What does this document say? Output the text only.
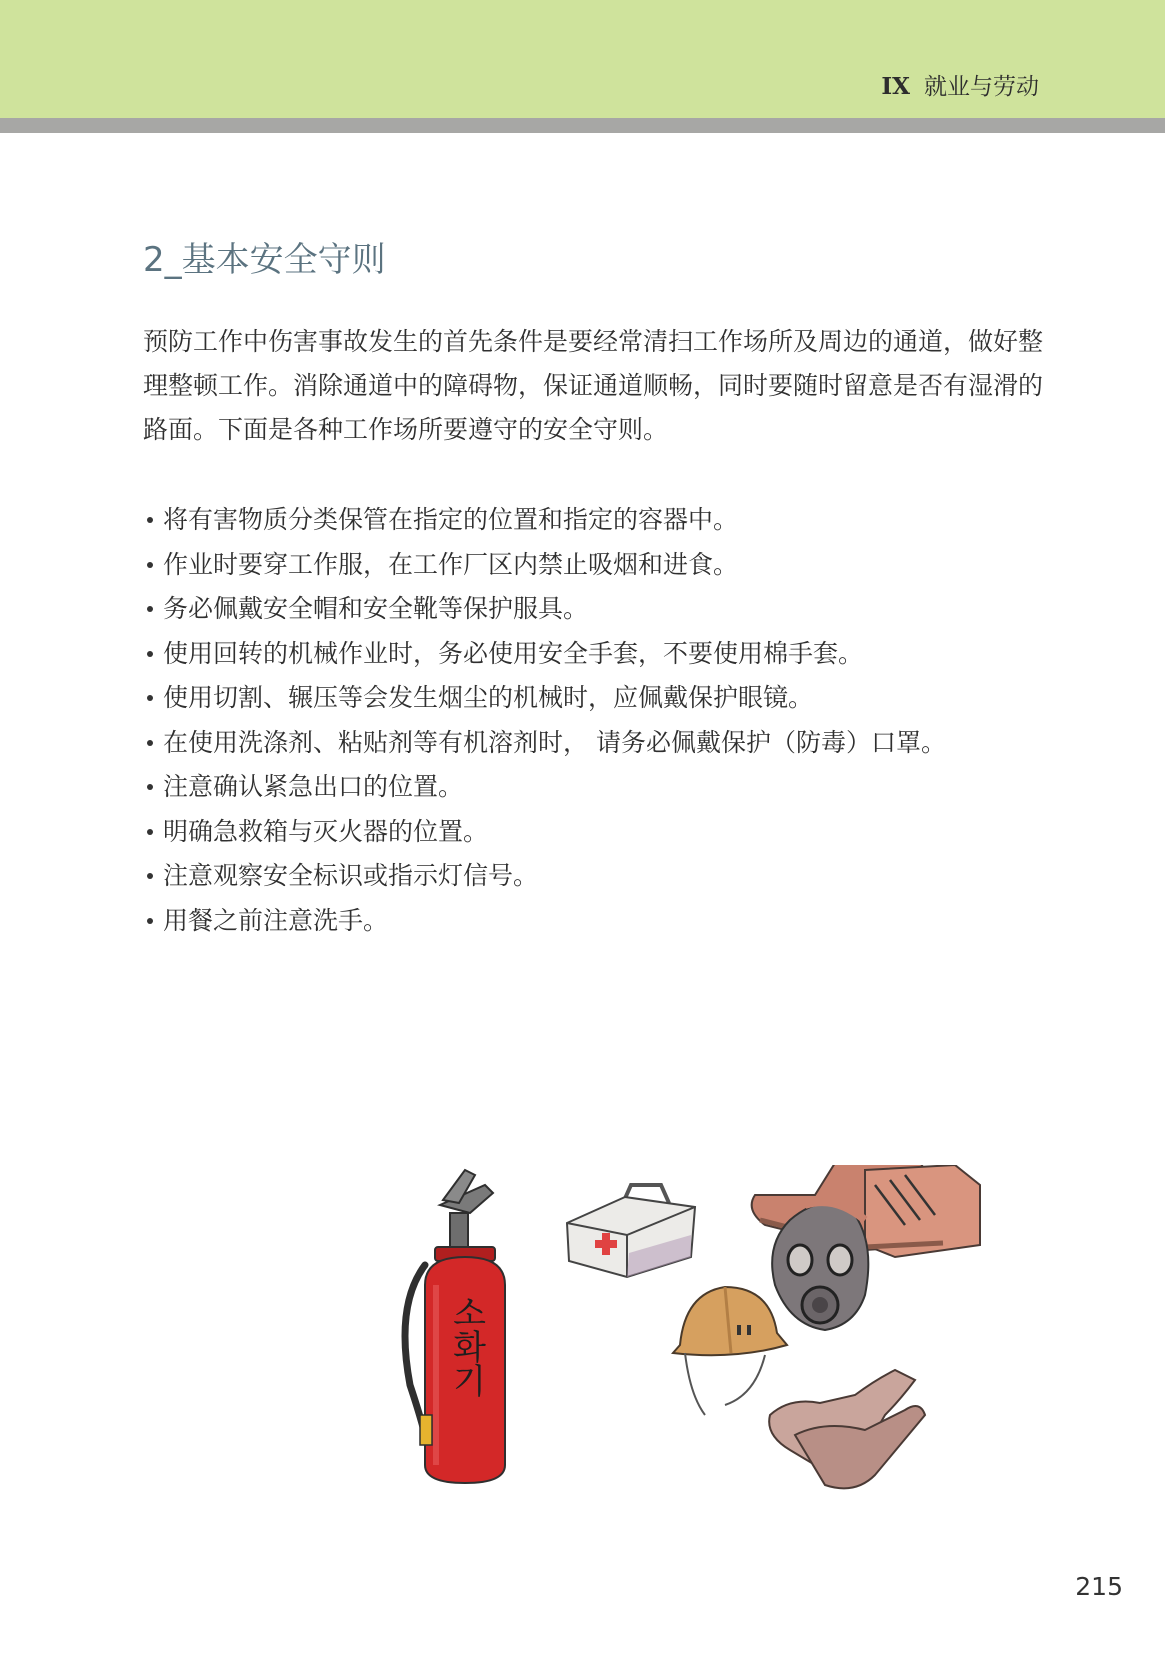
IX 就业与劳动
2_基本安全守则
预防工作中伤害事故发生的首先条件是要经常清扫工作场所及周边的通道，做好整理整顿工作。消除通道中的障碍物，保证通道顺畅，同时要随时留意是否有湿滑的路面。下面是各种工作场所要遵守的安全守则。
将有害物质分类保管在指定的位置和指定的容器中。
作业时要穿工作服，在工作厂区内禁止吸烟和进食。
务必佩戴安全帽和安全靴等保护服具。
使用回转的机械作业时，务必使用安全手套，不要使用棉手套。
使用切割、辗压等会发生烟尘的机械时，应佩戴保护眼镜。
在使用洗涤剂、粘贴剂等有机溶剂时， 请务必佩戴保护（防毒）口罩。
注意确认紧急出口的位置。
明确急救箱与灭火器的位置。
注意观察安全标识或指示灯信号。
用餐之前注意洗手。
소화기
215
